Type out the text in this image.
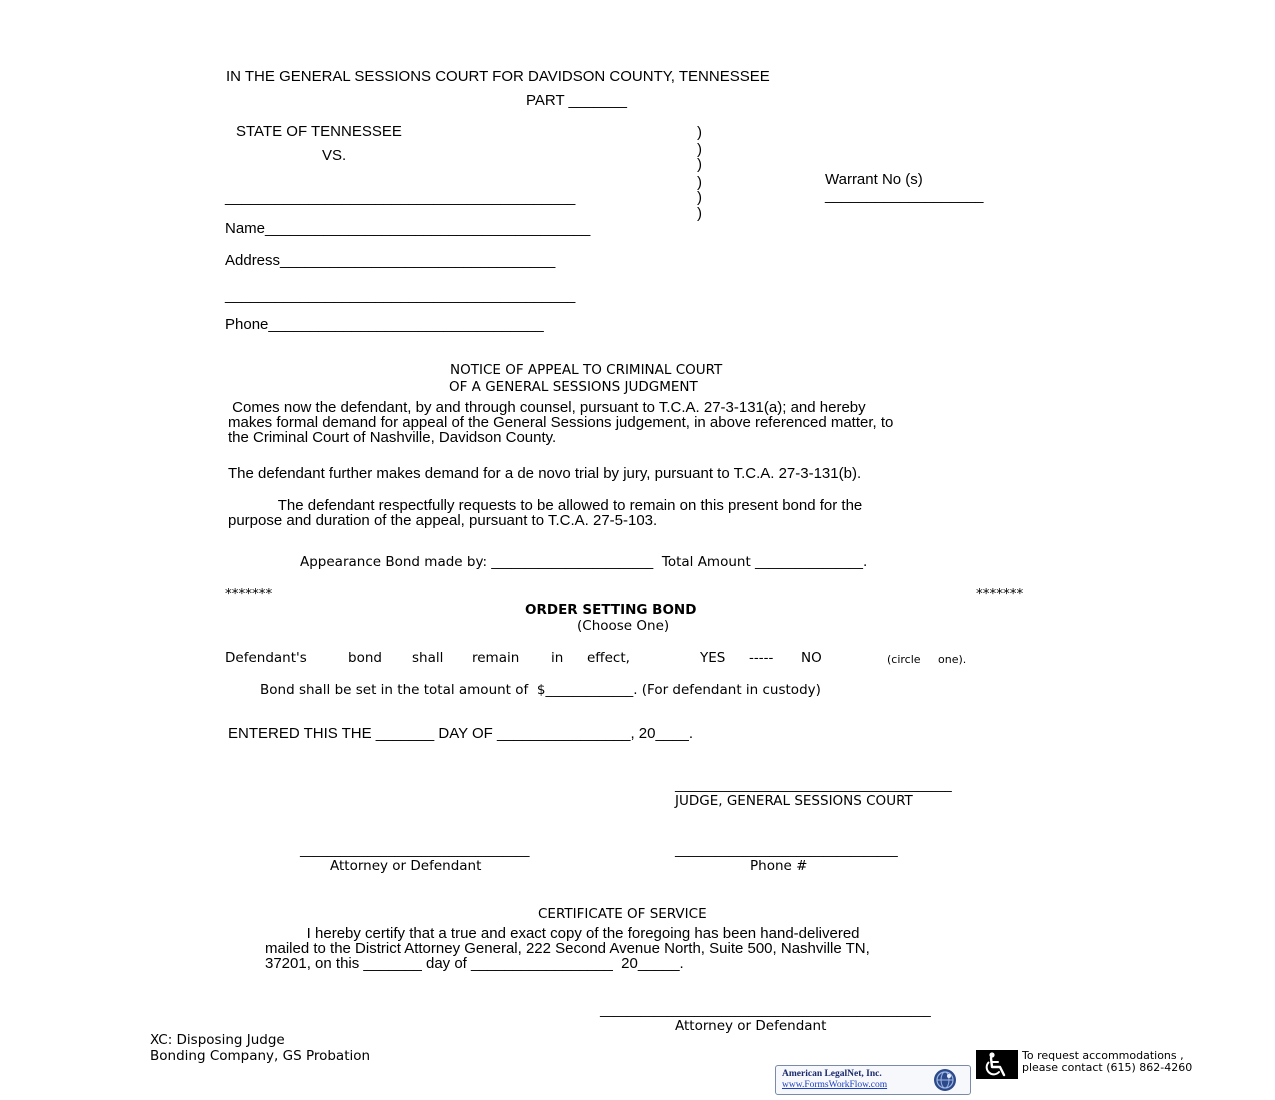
IN THE GENERAL SESSIONS COURT FOR DAVIDSON COUNTY, TENNESSEE
PART _______
STATE OF TENNESSEE
VS.
__________________________________________
)
)
)
)
)
)
Warrant No (s)
___________________
Name_______________________________________
Address_________________________________
__________________________________________
Phone_________________________________
NOTICE OF APPEAL TO CRIMINAL COURT
OF A GENERAL SESSIONS JUDGMENT
Comes now the defendant, by and through counsel, pursuant to T.C.A. 27-3-131(a); and hereby
makes formal demand for appeal of the General Sessions judgement, in above referenced matter, to
the Criminal Court of Nashville, Davidson County.
The defendant further makes demand for a de novo trial by jury, pursuant to T.C.A. 27-3-131(b).
The defendant respectfully requests to be allowed to remain on this present bond for the
purpose and duration of the appeal, pursuant to T.C.A. 27-5-103.
Appearance Bond made by: ________________________  Total Amount ________________.
*******	*******
ORDER SETTING BOND
(Choose One)
Defendant's	bond shall remain in effect,	YES ----- NO	(circle     one).
Bond shall be set in the total amount of  $_____________. (For defendant in custody)
ENTERED THIS THE _______ DAY OF ________________, 20____.
_________________________________________
JUDGE, GENERAL SESSIONS COURT
__________________________________
Attorney or Defendant
_________________________________
Phone #
CERTIFICATE OF SERVICE
I hereby certify that a true and exact copy of the foregoing has been hand-delivered
mailed to the District Attorney General, 222 Second Avenue North, Suite 500, Nashville TN,
37201, on this _______ day of _________________  20_____.
_________________________________________________
Attorney or Defendant
XC: Disposing Judge
Bonding Company, GS Probation	To request accommodations ,
please contact (615) 862-4260
American LegalNet, Inc.
www.FormsWorkFlow.com
